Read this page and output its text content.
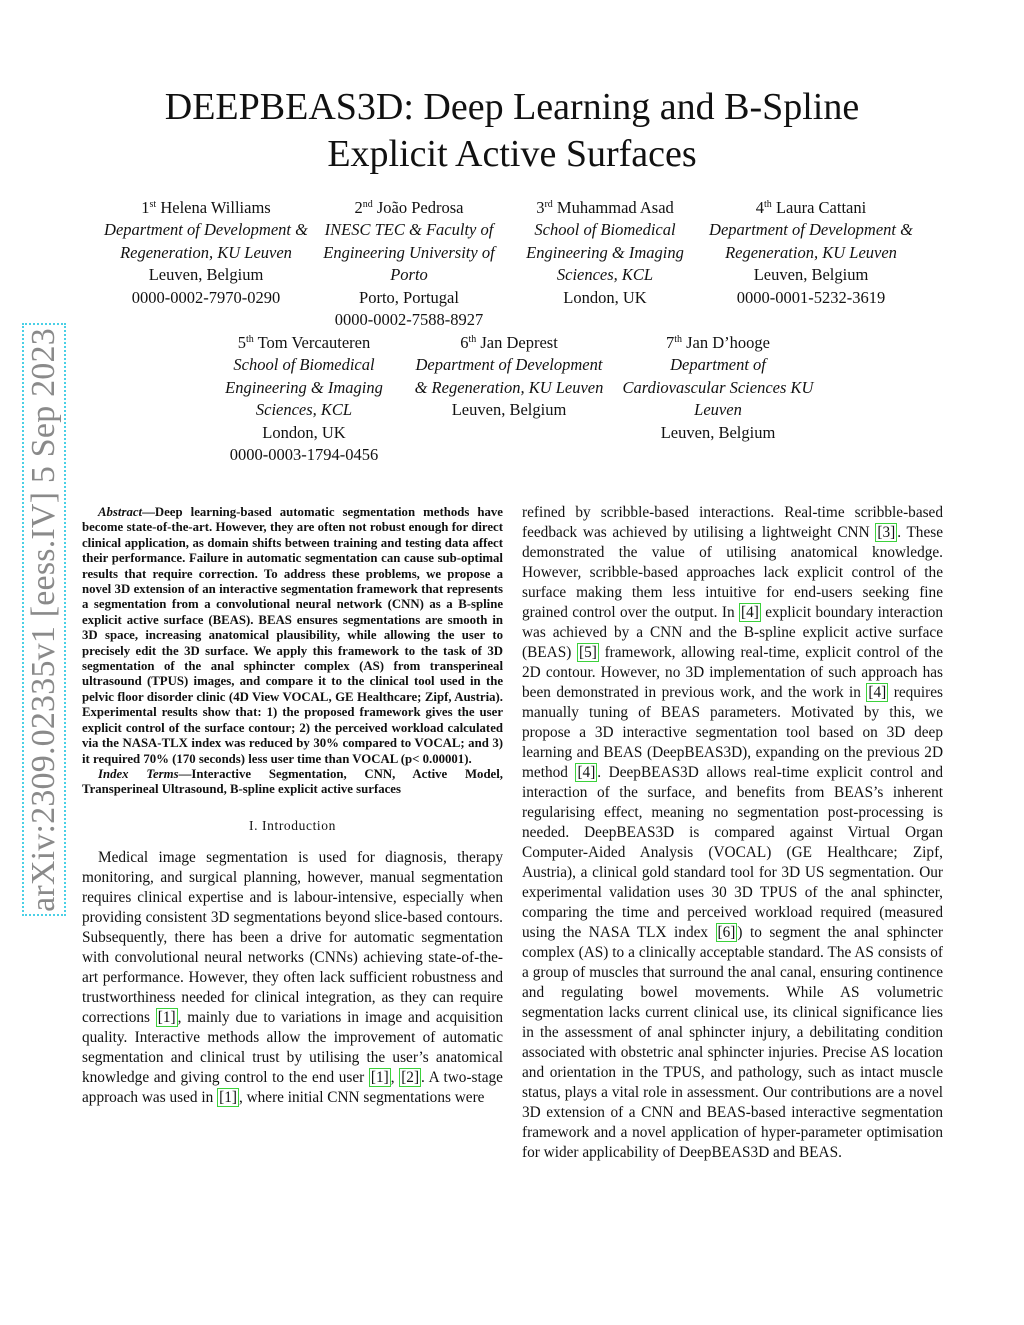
arXiv:2309.02335v1 [eess.IV] 5 Sep 2023
DEEPBEAS3D: Deep Learning and B-Spline Explicit Active Surfaces
1st Helena Williams
Department of Development & Regeneration, KU Leuven
Leuven, Belgium
0000-0002-7970-0290
2nd João Pedrosa
INESC TEC & Faculty of Engineering University of Porto
Porto, Portugal
0000-0002-7588-8927
3rd Muhammad Asad
School of Biomedical Engineering & Imaging Sciences, KCL
London, UK
4th Laura Cattani
Department of Development & Regeneration, KU Leuven
Leuven, Belgium
0000-0001-5232-3619
5th Tom Vercauteren
School of Biomedical Engineering & Imaging Sciences, KCL
London, UK
0000-0003-1794-0456
6th Jan Deprest
Department of Development & Regeneration, KU Leuven
Leuven, Belgium
7th Jan D’hooge
Department of Cardiovascular Sciences KU Leuven
Leuven, Belgium

Abstract—Deep learning-based automatic segmentation methods have become state-of-the-art. However, they are often not robust enough for direct clinical application, as domain shifts between training and testing data affect their performance. Failure in automatic segmentation can cause sub-optimal results that require correction. To address these problems, we propose a novel 3D extension of an interactive segmentation framework that represents a segmentation from a convolutional neural network (CNN) as a B-spline explicit active surface (BEAS). BEAS ensures segmentations are smooth in 3D space, increasing anatomical plausibility, while allowing the user to precisely edit the 3D surface. We apply this framework to the task of 3D segmentation of the anal sphincter complex (AS) from transperineal ultrasound (TPUS) images, and compare it to the clinical tool used in the pelvic floor disorder clinic (4D View VOCAL, GE Healthcare; Zipf, Austria). Experimental results show that: 1) the proposed framework gives the user explicit control of the surface contour; 2) the perceived workload calculated via the NASA-TLX index was reduced by 30% compared to VOCAL; and 3) it required 70% (170 seconds) less user time than VOCAL (p< 0.00001).

Index Terms—Interactive Segmentation, CNN, Active Model, Transperineal Ultrasound, B-spline explicit active surfaces

I. Introduction

Medical image segmentation is used for diagnosis, therapy monitoring, and surgical planning, however, manual segmentation requires clinical expertise and is labour-intensive, especially when providing consistent 3D segmentations beyond slice-based contours. Subsequently, there has been a drive for automatic segmentation with convolutional neural networks (CNNs) achieving state-of-the-art performance. However, they often lack sufficient robustness and trustworthiness needed for clinical integration, as they can require corrections [1] , mainly due to variations in image and acquisition quality. Interactive methods allow the improvement of automatic segmentation and clinical trust by utilising the user’s anatomical knowledge and giving control to the end user [1] , [2] . A two-stage approach was used in [1] , where initial CNN segmentations were

refined by scribble-based interactions. Real-time scribble-based feedback was achieved by utilising a lightweight CNN [3] . These demonstrated the value of utilising anatomical knowledge. However, scribble-based approaches lack explicit control of the surface making them less intuitive for end-users seeking fine grained control over the output. In [4] explicit boundary interaction was achieved by a CNN and the B-spline explicit active surface (BEAS) [5] framework, allowing real-time, explicit control of the 2D contour. However, no 3D implementation of such approach has been demonstrated in previous work, and the work in [4] requires manually tuning of BEAS parameters. Motivated by this, we propose a 3D interactive segmentation tool based on 3D deep learning and BEAS (DeepBEAS3D), expanding on the previous 2D method [4] . DeepBEAS3D allows real-time explicit control and interaction of the surface, and benefits from BEAS’s inherent regularising effect, meaning no segmentation post-processing is needed. DeepBEAS3D is compared against Virtual Organ Computer-Aided Analysis (VOCAL) (GE Healthcare; Zipf, Austria), a clinical gold standard tool for 3D US segmentation. Our experimental validation uses 30 3D TPUS of the anal sphincter, comparing the time and perceived workload required (measured using the NASA TLX index [6] ) to segment the anal sphincter complex (AS) to a clinically acceptable standard. The AS consists of a group of muscles that surround the anal canal, ensuring continence and regulating bowel movements. While AS volumetric segmentation lacks current clinical use, its clinical significance lies in the assessment of anal sphincter injury, a debilitating condition associated with obstetric anal sphincter injuries. Precise AS location and orientation in the TPUS, and pathology, such as intact muscle status, plays a vital role in assessment. Our contributions are a novel 3D extension of a CNN and BEAS-based interactive segmentation framework and a novel application of hyper-parameter optimisation for wider applicability of DeepBEAS3D and BEAS.
